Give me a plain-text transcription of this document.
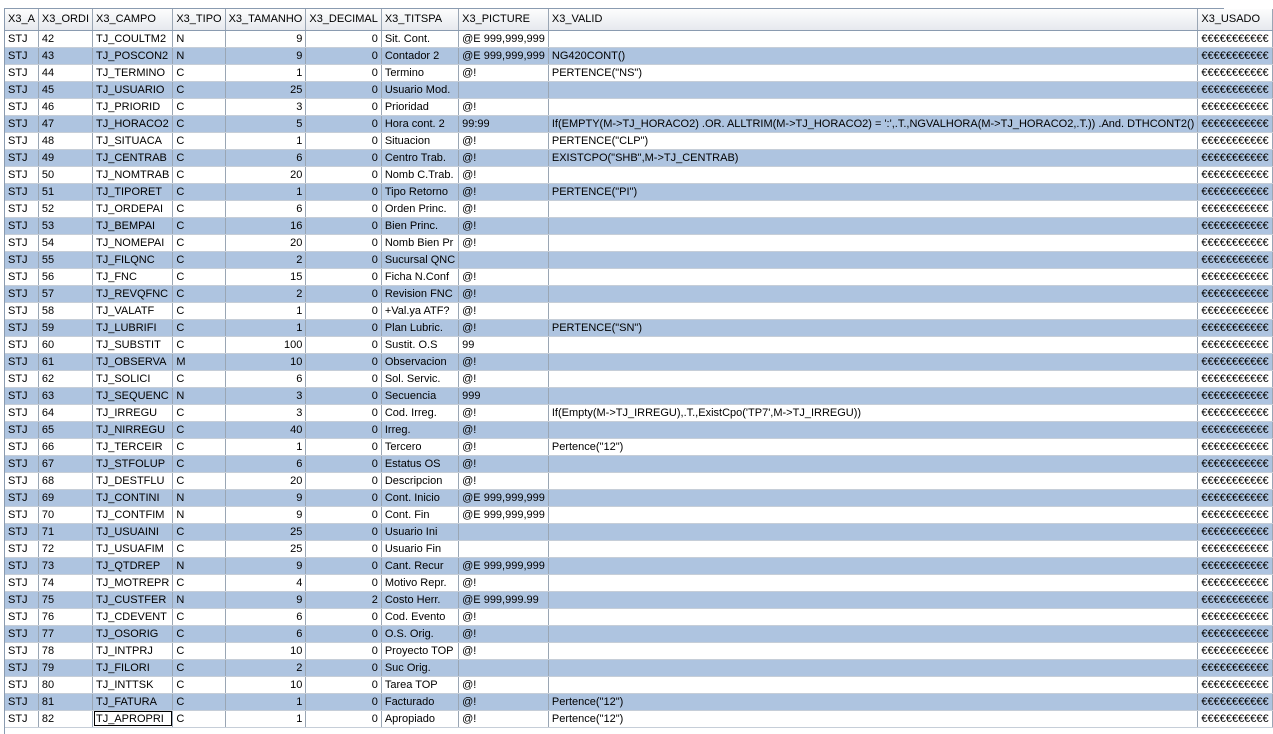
X3_A	X3_ORDI	X3_CAMPO	X3_TIPO	X3_TAMANHO	X3_DECIMAL	X3_TITSPA	X3_PICTURE	X3_VALID	X3_USADO
STJ	42	TJ_COULTM2	N	9	0	Sit. Cont.	@E 999,999,999		€€€€€€€€€€€
STJ	43	TJ_POSCON2	N	9	0	Contador 2	@E 999,999,999	NG420CONT()	€€€€€€€€€€€
STJ	44	TJ_TERMINO	C	1	0	Termino	@!	PERTENCE("NS")	€€€€€€€€€€€
STJ	45	TJ_USUARIO	C	25	0	Usuario Mod.			€€€€€€€€€€€
STJ	46	TJ_PRIORID	C	3	0	Prioridad	@!		€€€€€€€€€€€
STJ	47	TJ_HORACO2	C	5	0	Hora cont. 2	99:99	If(EMPTY(M->TJ_HORACO2) .OR. ALLTRIM(M->TJ_HORACO2) = ':',.T.,NGVALHORA(M->TJ_HORACO2,.T.)) .And. DTHCONT2()	€€€€€€€€€€€
STJ	48	TJ_SITUACA	C	1	0	Situacion	@!	PERTENCE("CLP")	€€€€€€€€€€€
STJ	49	TJ_CENTRAB	C	6	0	Centro Trab.	@!	EXISTCPO("SHB",M->TJ_CENTRAB)	€€€€€€€€€€€
STJ	50	TJ_NOMTRAB	C	20	0	Nomb C.Trab.	@!		€€€€€€€€€€€
STJ	51	TJ_TIPORET	C	1	0	Tipo Retorno	@!	PERTENCE("PI")	€€€€€€€€€€€
STJ	52	TJ_ORDEPAI	C	6	0	Orden Princ.	@!		€€€€€€€€€€€
STJ	53	TJ_BEMPAI	C	16	0	Bien Princ.	@!		€€€€€€€€€€€
STJ	54	TJ_NOMEPAI	C	20	0	Nomb Bien Pr	@!		€€€€€€€€€€€
STJ	55	TJ_FILQNC	C	2	0	Sucursal QNC			€€€€€€€€€€€
STJ	56	TJ_FNC	C	15	0	Ficha N.Conf	@!		€€€€€€€€€€€
STJ	57	TJ_REVQFNC	C	2	0	Revision FNC	@!		€€€€€€€€€€€
STJ	58	TJ_VALATF	C	1	0	+Val.ya ATF?	@!		€€€€€€€€€€€
STJ	59	TJ_LUBRIFI	C	1	0	Plan Lubric.	@!	PERTENCE("SN")	€€€€€€€€€€€
STJ	60	TJ_SUBSTIT	C	100	0	Sustit. O.S	99		€€€€€€€€€€€
STJ	61	TJ_OBSERVA	M	10	0	Observacion	@!		€€€€€€€€€€€
STJ	62	TJ_SOLICI	C	6	0	Sol. Servic.	@!		€€€€€€€€€€€
STJ	63	TJ_SEQUENC	N	3	0	Secuencia	999		€€€€€€€€€€€
STJ	64	TJ_IRREGU	C	3	0	Cod. Irreg.	@!	If(Empty(M->TJ_IRREGU),.T.,ExistCpo('TP7',M->TJ_IRREGU))	€€€€€€€€€€€
STJ	65	TJ_NIRREGU	C	40	0	Irreg.	@!		€€€€€€€€€€€
STJ	66	TJ_TERCEIR	C	1	0	Tercero	@!	Pertence("12")	€€€€€€€€€€€
STJ	67	TJ_STFOLUP	C	6	0	Estatus OS	@!		€€€€€€€€€€€
STJ	68	TJ_DESTFLU	C	20	0	Descripcion	@!		€€€€€€€€€€€
STJ	69	TJ_CONTINI	N	9	0	Cont. Inicio	@E 999,999,999		€€€€€€€€€€€
STJ	70	TJ_CONTFIM	N	9	0	Cont. Fin	@E 999,999,999		€€€€€€€€€€€
STJ	71	TJ_USUAINI	C	25	0	Usuario Ini			€€€€€€€€€€€
STJ	72	TJ_USUAFIM	C	25	0	Usuario Fin			€€€€€€€€€€€
STJ	73	TJ_QTDREP	N	9	0	Cant. Recur	@E 999,999,999		€€€€€€€€€€€
STJ	74	TJ_MOTREPR	C	4	0	Motivo Repr.	@!		€€€€€€€€€€€
STJ	75	TJ_CUSTFER	N	9	2	Costo Herr.	@E 999,999.99		€€€€€€€€€€€
STJ	76	TJ_CDEVENT	C	6	0	Cod. Evento	@!		€€€€€€€€€€€
STJ	77	TJ_OSORIG	C	6	0	O.S. Orig.	@!		€€€€€€€€€€€
STJ	78	TJ_INTPRJ	C	10	0	Proyecto TOP	@!		€€€€€€€€€€€
STJ	79	TJ_FILORI	C	2	0	Suc Orig.			€€€€€€€€€€€
STJ	80	TJ_INTTSK	C	10	0	Tarea TOP	@!		€€€€€€€€€€€
STJ	81	TJ_FATURA	C	1	0	Facturado	@!	Pertence("12")	€€€€€€€€€€€
STJ	82	TJ_APROPRI	C	1	0	Apropiado	@!	Pertence("12")	€€€€€€€€€€€
